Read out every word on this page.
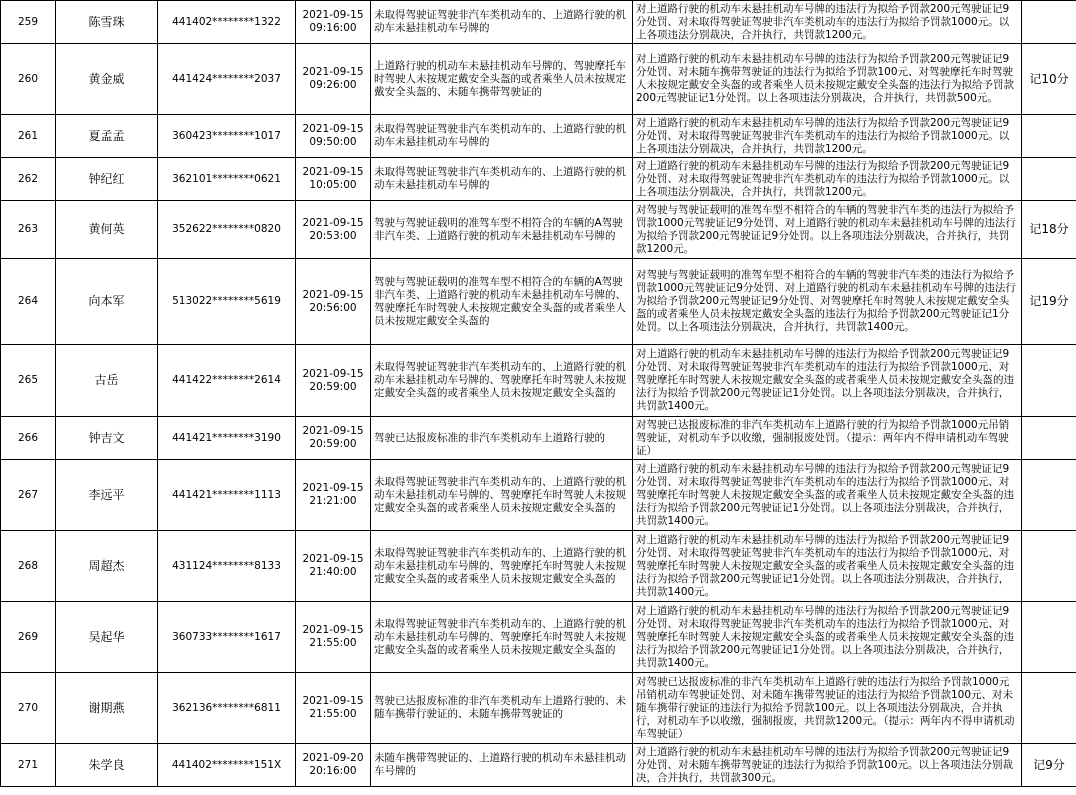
259	陈雪珠	441402********1322	2021-09-15
09:16:00	未取得驾驶证驾驶非汽车类机动车的、上道路行驶的机动车未悬挂机动车号牌的	对上道路行驶的机动车未悬挂机动车号牌的违法行为拟给予罚款200元驾驶证记9分处罚、对未取得驾驶证驾驶非汽车类机动车的违法行为拟给予罚款1000元。以上各项违法分别裁决，合并执行，共罚款1200元。	
260	黄金威	441424********2037	2021-09-15
09:26:00	上道路行驶的机动车未悬挂机动车号牌的、驾驶摩托车时驾驶人未按规定戴安全头盔的或者乘坐人员未按规定戴安全头盔的、未随车携带驾驶证的	对上道路行驶的机动车未悬挂机动车号牌的违法行为拟给予罚款200元驾驶证记9分处罚、对未随车携带驾驶证的违法行为拟给予罚款100元、对驾驶摩托车时驾驶人未按规定戴安全头盔的或者乘坐人员未按规定戴安全头盔的违法行为拟给予罚款200元驾驶证记1分处罚。以上各项违法分别裁决，合并执行，共罚款500元。	记10分
261	夏孟孟	360423********1017	2021-09-15
09:50:00	未取得驾驶证驾驶非汽车类机动车的、上道路行驶的机动车未悬挂机动车号牌的	对上道路行驶的机动车未悬挂机动车号牌的违法行为拟给予罚款200元驾驶证记9分处罚、对未取得驾驶证驾驶非汽车类机动车的违法行为拟给予罚款1000元。以上各项违法分别裁决，合并执行，共罚款1200元。	
262	钟纪红	362101********0621	2021-09-15
10:05:00	未取得驾驶证驾驶非汽车类机动车的、上道路行驶的机动车未悬挂机动车号牌的	对上道路行驶的机动车未悬挂机动车号牌的违法行为拟给予罚款200元驾驶证记9分处罚、对未取得驾驶证驾驶非汽车类机动车的违法行为拟给予罚款1000元。以上各项违法分别裁决，合并执行，共罚款1200元。	
263	黄何英	352622********0820	2021-09-15
20:53:00	驾驶与驾驶证载明的准驾车型不相符合的车辆的A驾驶非汽车类、上道路行驶的机动车未悬挂机动车号牌的	对驾驶与驾驶证载明的准驾车型不相符合的车辆的驾驶非汽车类的违法行为拟给予罚款1000元驾驶证记9分处罚、对上道路行驶的机动车未悬挂机动车号牌的违法行为拟给予罚款200元驾驶证记9分处罚。以上各项违法分别裁决，合并执行，共罚款1200元。	记18分
264	向本军	513022********5619	2021-09-15
20:56:00	驾驶与驾驶证载明的准驾车型不相符合的车辆的A驾驶非汽车类、上道路行驶的机动车未悬挂机动车号牌的、驾驶摩托车时驾驶人未按规定戴安全头盔的或者乘坐人员未按规定戴安全头盔的	对驾驶与驾驶证载明的准驾车型不相符合的车辆的驾驶非汽车类的违法行为拟给予罚款1000元驾驶证记9分处罚、对上道路行驶的机动车未悬挂机动车号牌的违法行为拟给予罚款200元驾驶证记9分处罚、对驾驶摩托车时驾驶人未按规定戴安全头盔的或者乘坐人员未按规定戴安全头盔的违法行为拟给予罚款200元驾驶证记1分处罚。以上各项违法分别裁决，合并执行，共罚款1400元。	记19分
265	古岳	441422********2614	2021-09-15
20:59:00	未取得驾驶证驾驶非汽车类机动车的、上道路行驶的机动车未悬挂机动车号牌的、驾驶摩托车时驾驶人未按规定戴安全头盔的或者乘坐人员未按规定戴安全头盔的	对上道路行驶的机动车未悬挂机动车号牌的违法行为拟给予罚款200元驾驶证记9分处罚、对未取得驾驶证驾驶非汽车类机动车的违法行为拟给予罚款1000元、对驾驶摩托车时驾驶人未按规定戴安全头盔的或者乘坐人员未按规定戴安全头盔的违法行为拟给予罚款200元驾驶证记1分处罚。以上各项违法分别裁决，合并执行，共罚款1400元。	
266	钟吉文	441421********3190	2021-09-15
20:59:00	驾驶已达报废标准的非汽车类机动车上道路行驶的	对驾驶已达报废标准的非汽车类机动车上道路行驶的行为拟给予罚款1000元吊销驾驶证，对机动车予以收缴，强制报废处罚。（提示：两年内不得申请机动车驾驶证）	
267	李远平	441421********1113	2021-09-15
21:21:00	未取得驾驶证驾驶非汽车类机动车的、上道路行驶的机动车未悬挂机动车号牌的、驾驶摩托车时驾驶人未按规定戴安全头盔的或者乘坐人员未按规定戴安全头盔的	对上道路行驶的机动车未悬挂机动车号牌的违法行为拟给予罚款200元驾驶证记9分处罚、对未取得驾驶证驾驶非汽车类机动车的违法行为拟给予罚款1000元、对驾驶摩托车时驾驶人未按规定戴安全头盔的或者乘坐人员未按规定戴安全头盔的违法行为拟给予罚款200元驾驶证记1分处罚。以上各项违法分别裁决，合并执行，共罚款1400元。	
268	周超杰	431124********8133	2021-09-15
21:40:00	未取得驾驶证驾驶非汽车类机动车的、上道路行驶的机动车未悬挂机动车号牌的、驾驶摩托车时驾驶人未按规定戴安全头盔的或者乘坐人员未按规定戴安全头盔的	对上道路行驶的机动车未悬挂机动车号牌的违法行为拟给予罚款200元驾驶证记9分处罚、对未取得驾驶证驾驶非汽车类机动车的违法行为拟给予罚款1000元、对驾驶摩托车时驾驶人未按规定戴安全头盔的或者乘坐人员未按规定戴安全头盔的违法行为拟给予罚款200元驾驶证记1分处罚。以上各项违法分别裁决，合并执行，共罚款1400元。	
269	吴起华	360733********1617	2021-09-15
21:55:00	未取得驾驶证驾驶非汽车类机动车的、上道路行驶的机动车未悬挂机动车号牌的、驾驶摩托车时驾驶人未按规定戴安全头盔的或者乘坐人员未按规定戴安全头盔的	对上道路行驶的机动车未悬挂机动车号牌的违法行为拟给予罚款200元驾驶证记9分处罚、对未取得驾驶证驾驶非汽车类机动车的违法行为拟给予罚款1000元、对驾驶摩托车时驾驶人未按规定戴安全头盔的或者乘坐人员未按规定戴安全头盔的违法行为拟给予罚款200元驾驶证记1分处罚。以上各项违法分别裁决，合并执行，共罚款1400元。	
270	谢期燕	362136********6811	2021-09-15
21:55:00	驾驶已达报废标准的非汽车类机动车上道路行驶的、未随车携带行驶证的、未随车携带驾驶证的	对驾驶已达报废标准的非汽车类机动车上道路行驶的违法行为拟给予罚款1000元吊销机动车驾驶证处罚、对未随车携带驾驶证的违法行为拟给予罚款100元、对未随车携带行驶证的违法行为拟给予罚款100元。以上各项违法分别裁决，合并执行，对机动车予以收缴，强制报废，共罚款1200元。（提示：两年内不得申请机动车驾驶证）	
271	朱学良	441402********151X	2021-09-20
20:16:00	未随车携带驾驶证的、上道路行驶的机动车未悬挂机动车号牌的	对上道路行驶的机动车未悬挂机动车号牌的违法行为拟给予罚款200元驾驶证记9分处罚、对未随车携带驾驶证的违法行为拟给予罚款100元。以上各项违法分别裁决，合并执行，共罚款300元。	记9分
